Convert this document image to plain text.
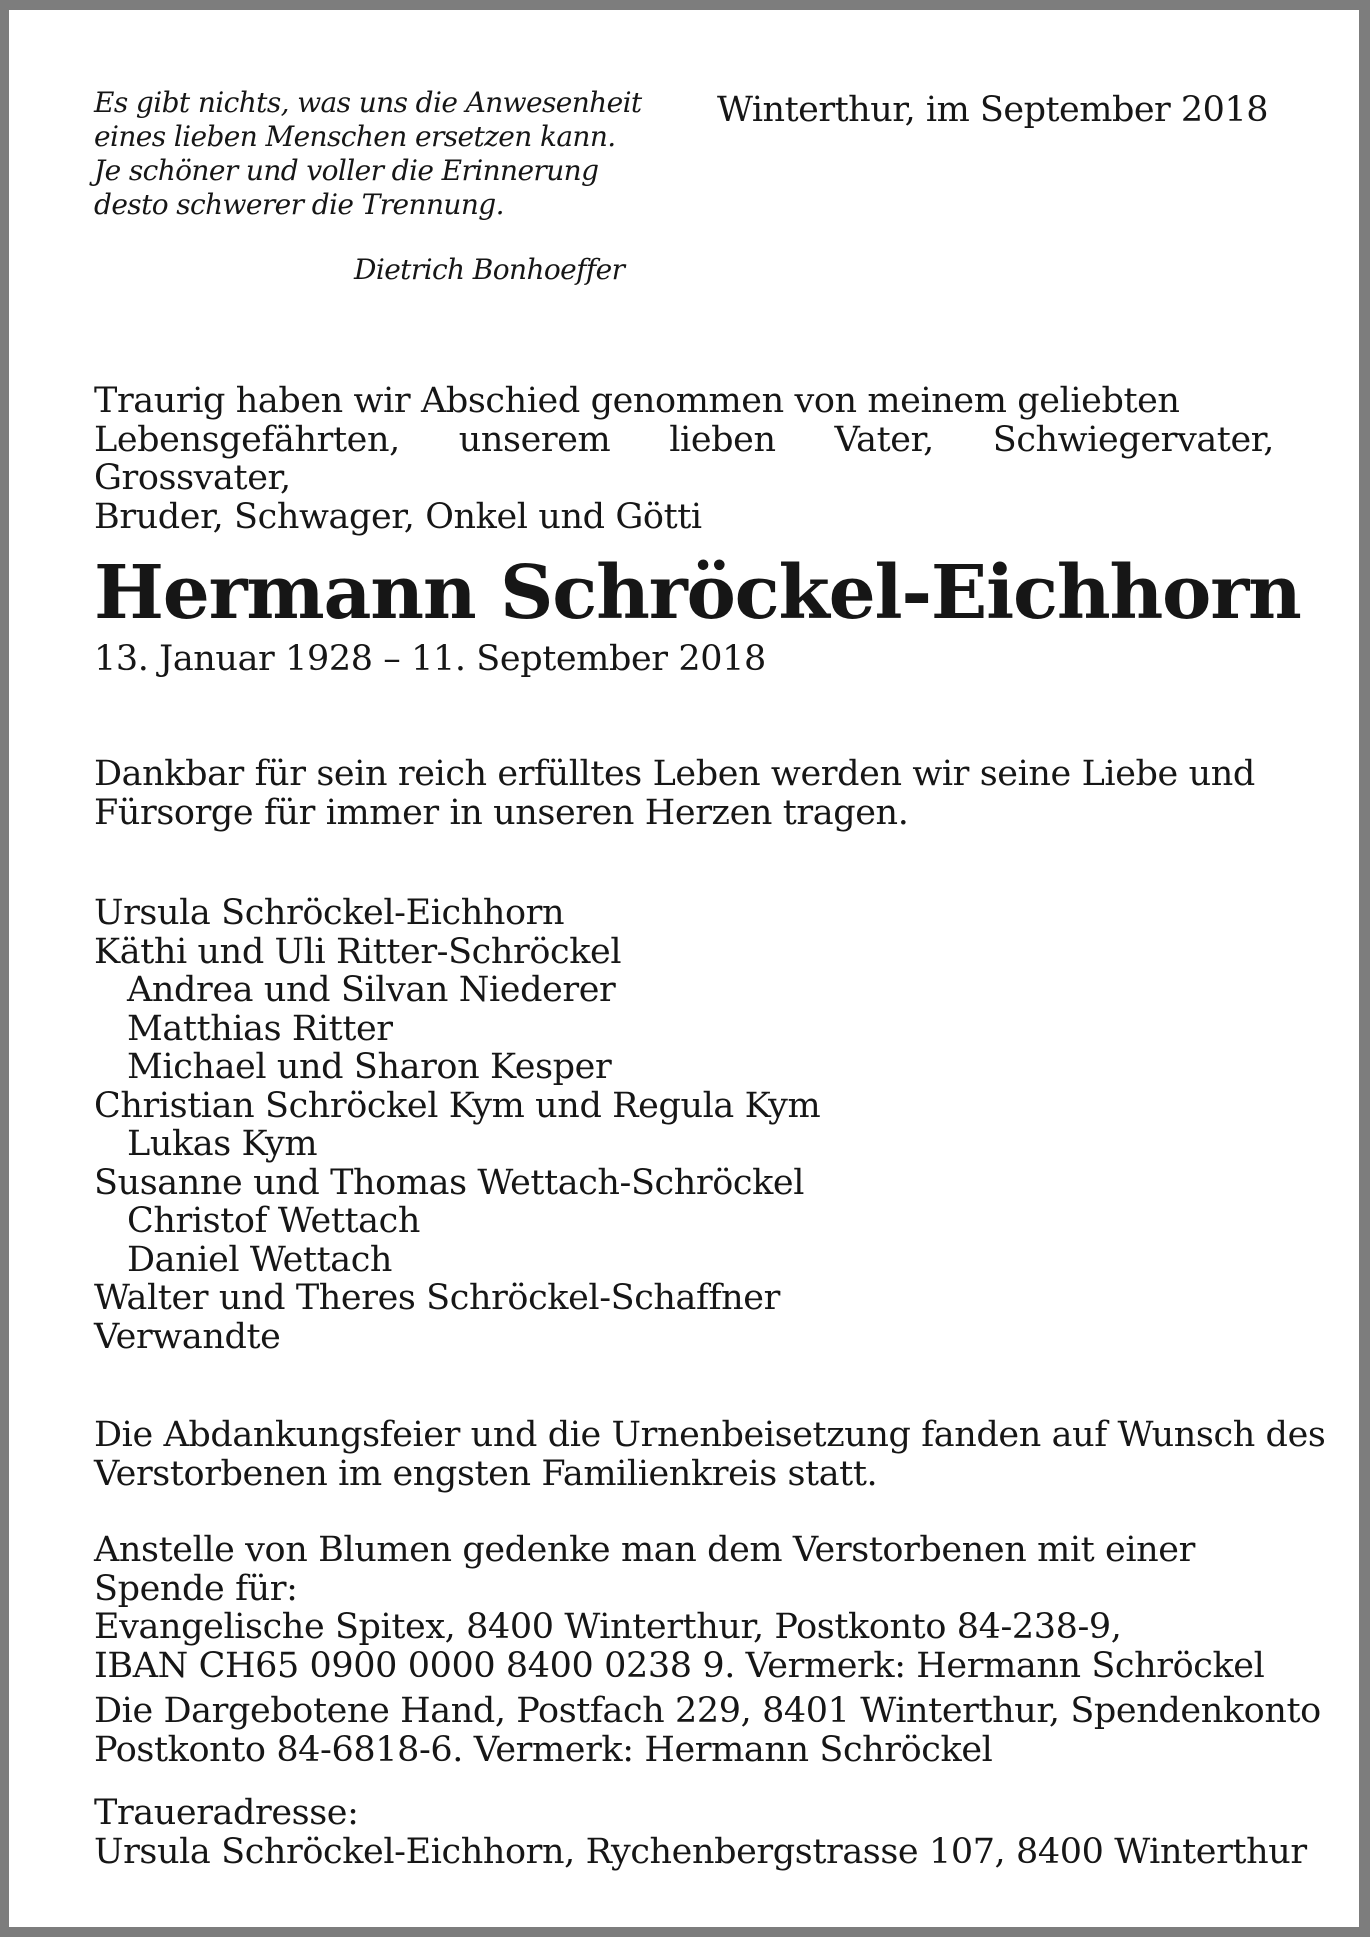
Es gibt nichts, was uns die Anwesenheit
eines lieben Menschen ersetzen kann.
Je schöner und voller die Erinnerung
desto schwerer die Trennung.
Dietrich Bonhoeffer
Winterthur, im September 2018
Traurig haben wir Abschied genommen von meinem geliebten
Lebensgefährten, unserem lieben Vater, Schwiegervater, Grossvater,
Bruder, Schwager, Onkel und Götti
Hermann Schröckel-Eichhorn
13. Januar 1928 – 11. September 2018
Dankbar für sein reich erfülltes Leben werden wir seine Liebe und
Fürsorge für immer in unseren Herzen tragen.
Ursula Schröckel-Eichhorn
Käthi und Uli Ritter-Schröckel
Andrea und Silvan Niederer
Matthias Ritter
Michael und Sharon Kesper
Christian Schröckel Kym und Regula Kym
Lukas Kym
Susanne und Thomas Wettach-Schröckel
Christof Wettach
Daniel Wettach
Walter und Theres Schröckel-Schaffner
Verwandte
Die Abdankungsfeier und die Urnenbeisetzung fanden auf Wunsch des
Verstorbenen im engsten Familienkreis statt.
Anstelle von Blumen gedenke man dem Verstorbenen mit einer
Spende für:
Evangelische Spitex, 8400 Winterthur, Postkonto 84-238-9,
IBAN CH65 0900 0000 8400 0238 9. Vermerk: Hermann Schröckel
Die Dargebotene Hand, Postfach 229, 8401 Winterthur, Spendenkonto
Postkonto 84-6818-6. Vermerk: Hermann Schröckel
Traueradresse:
Ursula Schröckel-Eichhorn, Rychenbergstrasse 107, 8400 Winterthur
